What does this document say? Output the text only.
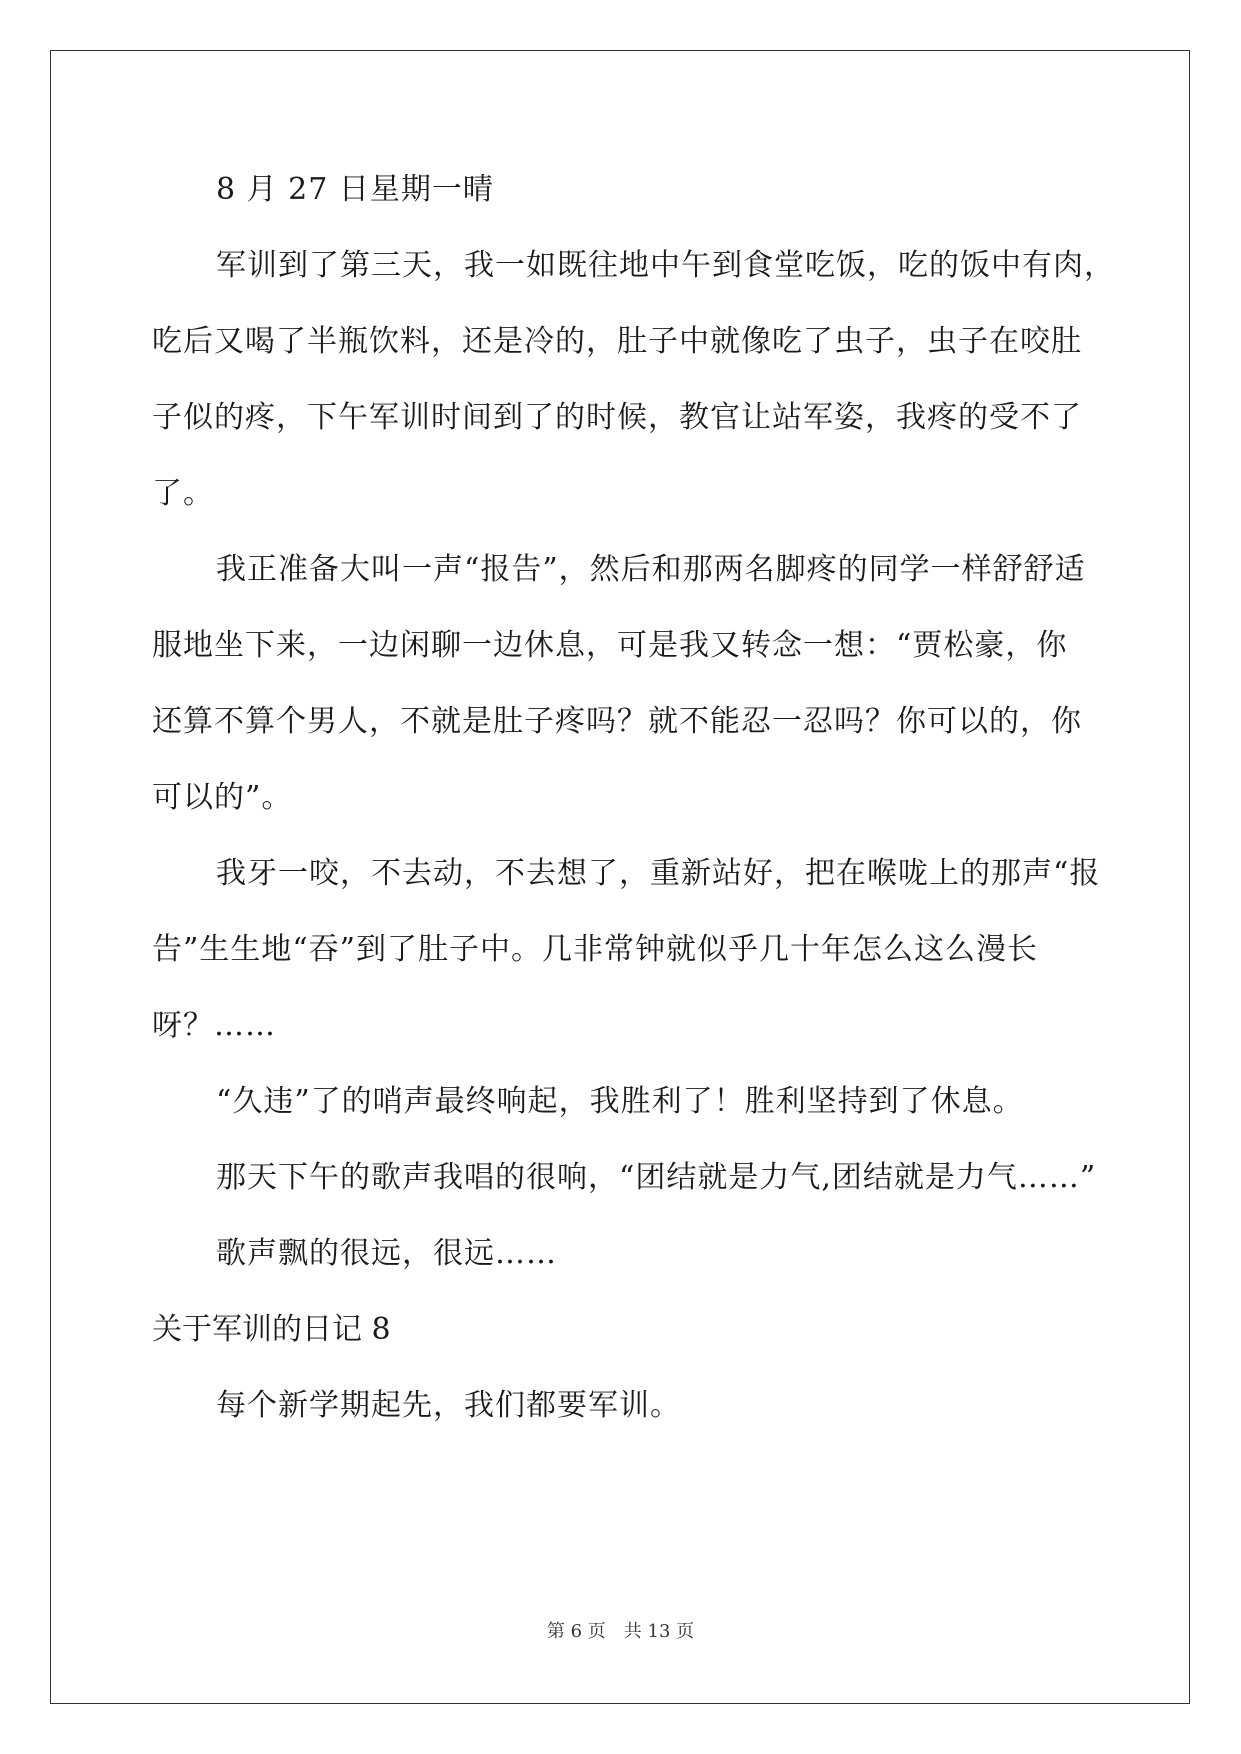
8 月 27 日星期一晴
军训到了第三天，我一如既往地中午到食堂吃饭，吃的饭中有肉，
吃后又喝了半瓶饮料，还是冷的，肚子中就像吃了虫子，虫子在咬肚
子似的疼，下午军训时间到了的时候，教官让站军姿，我疼的受不了
了。
我正准备大叫一声“报告”，然后和那两名脚疼的同学一样舒舒适
服地坐下来，一边闲聊一边休息，可是我又转念一想：“贾松豪，你
还算不算个男人，不就是肚子疼吗？就不能忍一忍吗？你可以的，你
可以的”。
我牙一咬，不去动，不去想了，重新站好，把在喉咙上的那声“报
告”生生地“吞”到了肚子中。几非常钟就似乎几十年怎么这么漫长
呀？……
“久违”了的哨声最终响起，我胜利了！胜利坚持到了休息。
那天下午的歌声我唱的很响，“团结就是力气,团结就是力气……”
歌声飘的很远，很远……
关于军训的日记 8
每个新学期起先，我们都要军训。
第 6 页 共 13 页
